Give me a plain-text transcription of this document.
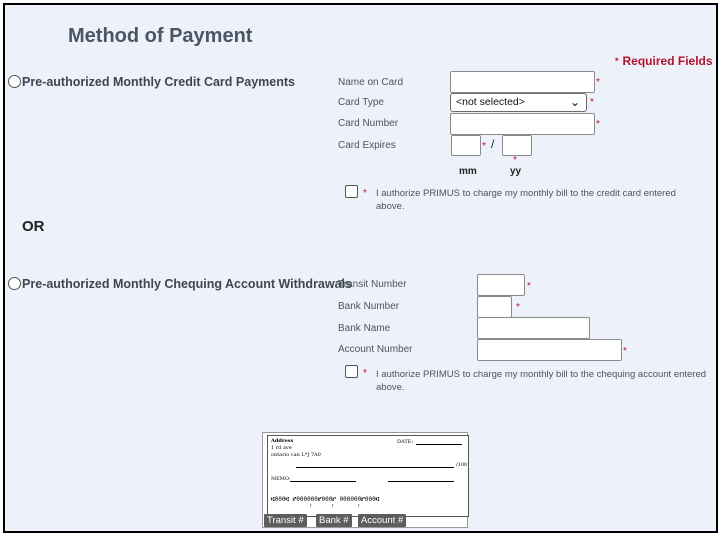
Method of Payment
* Required Fields
Pre-authorized Monthly Credit Card Payments	Name on Card	*
Card Type	<not selected>	⌄ *
Card Number	*
Card Expires	* /
*
mm	yy
* I authorize PRIMUS to charge my monthly bill to the credit card entered above.
OR
Pre-authorized Monthly Chequing Account Withdrawals
Transit Number	*
Bank Number	*
Bank Name
Account Number	*
* I authorize PRIMUS to charge my monthly bill to the chequing account entered above.
Address
1 rd ave
ontario can L*J 7A0
DATE:
/100
MEMO:
⑆000⑆ ⑈000000⑈000⑈ 000000⑈000⑆
↑	↑	↑
Transit #	Bank #	Account #
